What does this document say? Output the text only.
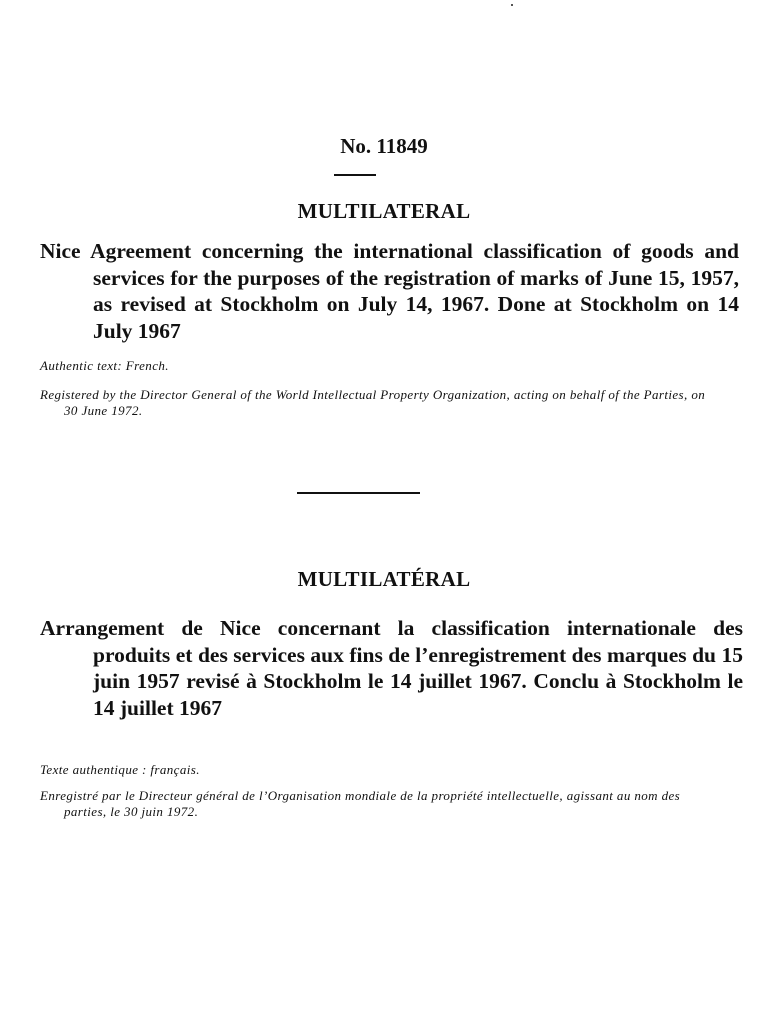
No. 11849
MULTILATERAL
Nice Agreement concerning the international classification of goods and services for the purposes of the registration of marks of June 15, 1957, as revised at Stockholm on July 14, 1967. Done at Stockholm on 14 July 1967
Authentic text: French.
Registered by the Director General of the World Intellectual Property Organization, acting on behalf of the Parties, on 30 June 1972.
MULTILATÉRAL
Arrangement de Nice concernant la classification internationale des produits et des services aux fins de l’enregistrement des marques du 15 juin 1957 revisé à Stockholm le 14 juillet 1967. Conclu à Stockholm le 14 juillet 1967
Texte authentique : français.
Enregistré par le Directeur général de l’Organisation mondiale de la propriété intellectuelle, agissant au nom des parties, le 30 juin 1972.
